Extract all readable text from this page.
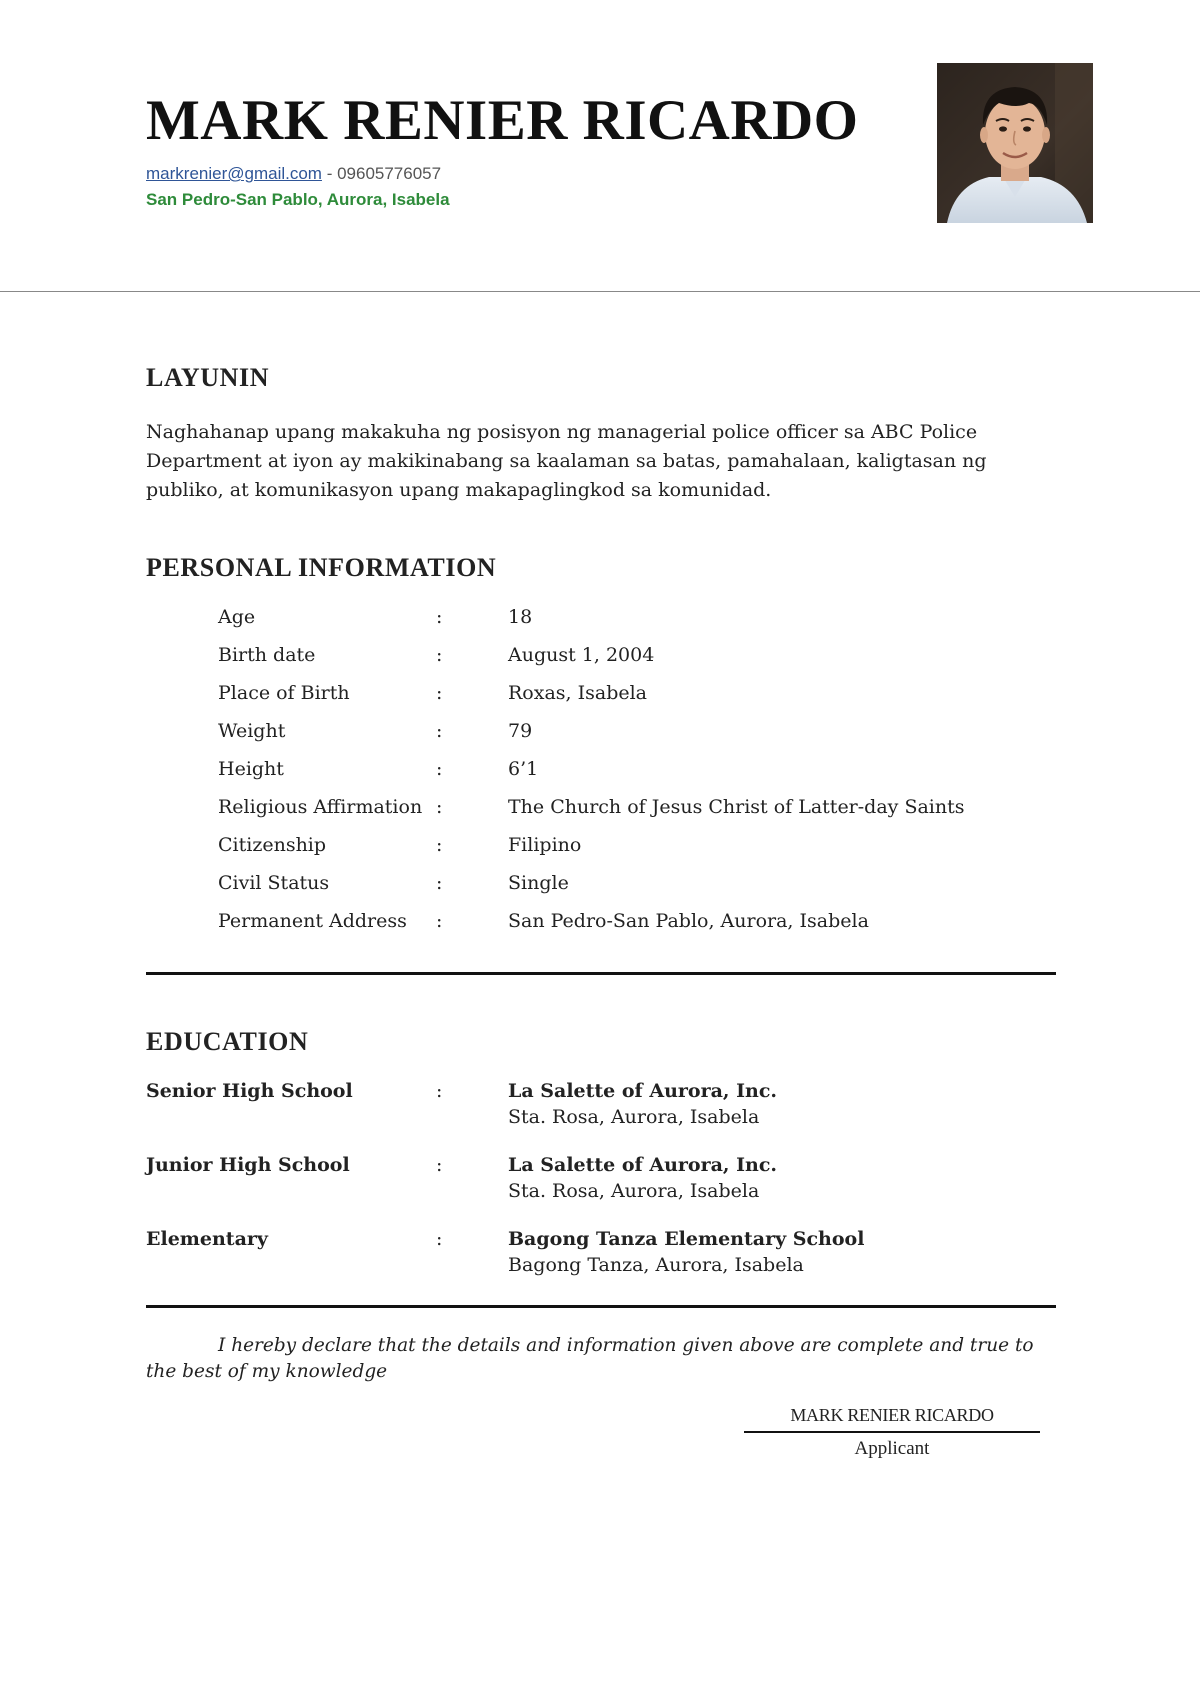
MARK RENIER RICARDO
markrenier@gmail.com - 09605776057
San Pedro-San Pablo, Aurora, Isabela
LAYUNIN
Naghahanap upang makakuha ng posisyon ng managerial police officer sa ABC Police Department at iyon ay makikinabang sa kaalaman sa batas, pamahalaan, kaligtasan ng publiko, at komunikasyon upang makapaglingkod sa komunidad.
PERSONAL INFORMATION
Age	:	18
Birth date	:	August 1, 2004
Place of Birth	:	Roxas, Isabela
Weight	:	79
Height	:	6’1
Religious Affirmation :	The Church of Jesus Christ of Latter-day Saints
Citizenship	:	Filipino
Civil Status	:	Single
Permanent Address :	San Pedro-San Pablo, Aurora, Isabela
EDUCATION
Senior High School	:	La Salette of Aurora, Inc.
Sta. Rosa, Aurora, Isabela
Junior High School	:	La Salette of Aurora, Inc.
Sta. Rosa, Aurora, Isabela
Elementary	:	Bagong Tanza Elementary School
Bagong Tanza, Aurora, Isabela
I hereby declare that the details and information given above are complete and true to the best of my knowledge
MARK RENIER RICARDO
Applicant
